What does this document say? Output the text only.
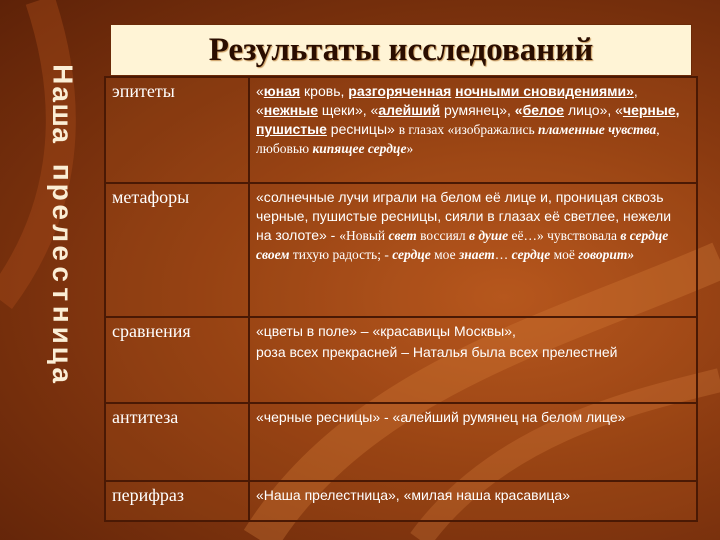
Результаты исследований
Н
а
ш
а
п
р
е
л
е
с
т
н
и
ц
а
эпитеты	«юная кровь, разгоряченная ночными сновидениями», «нежные щеки», «алейший румянец», «белое лицо», «черные, пушистые ресницы» в глазах «изображались пламенные чувства, любовью кипящее сердце»
метафоры	«солнечные лучи играли на белом её лице и, проницая сквозь черные, пушистые ресницы, сияли в глазах её светлее, нежели на золоте» - «Новый свет воссиял в душе её…» чувствовала в сердце своем тихую радость; - сердце мое знает… сердце моё говорит»
сравнения	«цветы в поле» – «красавицы Москвы»,

роза всех прекрасней – Наталья была всех прелестней

антитеза	«черные ресницы» - «алейший румянец на белом лице»
перифраз	«Наша прелестница», «милая наша красавица»
